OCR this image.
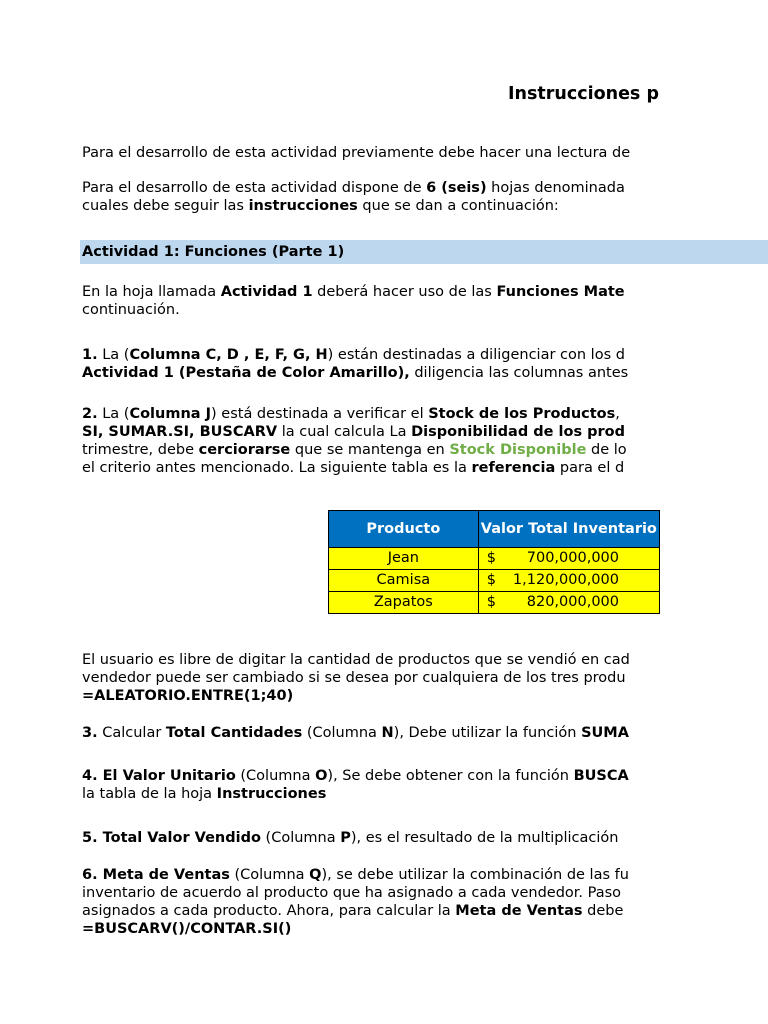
Instrucciones p
Para el desarrollo de esta actividad previamente debe hacer una lectura de
Para el desarrollo de esta actividad dispone de 6 (seis) hojas denominada
cuales debe seguir las instrucciones que se dan a continuación:
Actividad 1: Funciones (Parte 1)
En la hoja llamada Actividad 1 deberá hacer uso de las Funciones Mate
continuación.
1. La (Columna C, D , E, F, G, H) están destinadas a diligenciar con los d
Actividad 1 (Pestaña de Color Amarillo), diligencia las columnas antes
2. La (Columna J) está destinada a verificar el Stock de los Productos,
SI, SUMAR.SI, BUSCARV la cual calcula La Disponibilidad de los prod
trimestre, debe cerciorarse que se mantenga en Stock Disponible de lo
el criterio antes mencionado. La siguiente tabla es la referencia para el d
Producto	Valor Total Inventario
Jean	$ 700,000,000

Camisa	$ 1,120,000,000

Zapatos	$ 820,000,000
El usuario es libre de digitar la cantidad de productos que se vendió en cad
vendedor puede ser cambiado si se desea por cualquiera de los tres produ
=ALEATORIO.ENTRE(1;40)
3. Calcular Total Cantidades (Columna N), Debe utilizar la función SUMA
4. El Valor Unitario (Columna O), Se debe obtener con la función BUSCA
la tabla de la hoja Instrucciones
5. Total Valor Vendido (Columna P), es el resultado de la multiplicación
6. Meta de Ventas (Columna Q), se debe utilizar la combinación de las fu
inventario de acuerdo al producto que ha asignado a cada vendedor. Paso
asignados a cada producto. Ahora, para calcular la Meta de Ventas debe
=BUSCARV()/CONTAR.SI()
